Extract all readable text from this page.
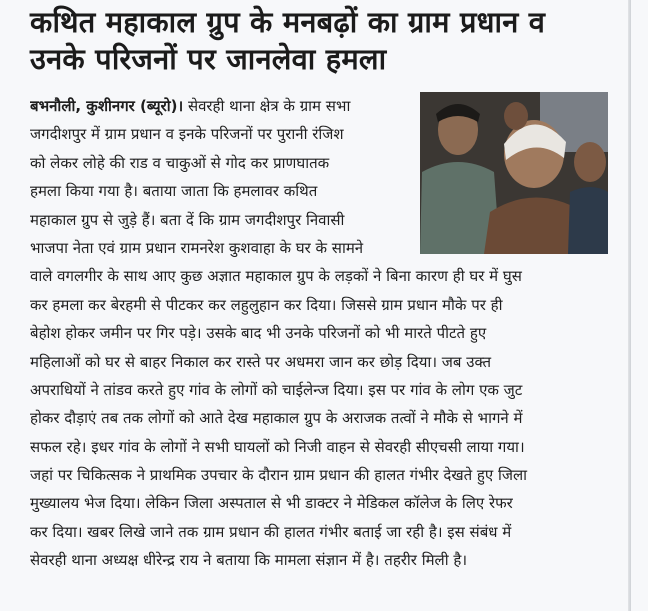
कथित महाकाल ग्रुप के मनबढ़ों का ग्राम प्रधान व
उनके परिजनों पर जानलेवा हमला
बभनौली, कुशीनगर (ब्यूरो)। सेवरही थाना क्षेत्र के ग्राम सभा
जगदीशपुर में ग्राम प्रधान व इनके परिजनों पर पुरानी रंजिश
को लेकर लोहे की राड व चाकुओं से गोद कर प्राणघातक
हमला किया गया है। बताया जाता कि हमलावर कथित
महाकाल ग्रुप से जुड़े हैं। बता दें कि ग्राम जगदीशपुर निवासी
भाजपा नेता एवं ग्राम प्रधान रामनरेश कुशवाहा के घर के सामने
वाले वगलगीर के साथ आए कुछ अज्ञात महाकाल ग्रुप के लड़कों ने बिना कारण ही घर में घुस
कर हमला कर बेरहमी से पीटकर कर लहुलुहान कर दिया। जिससे ग्राम प्रधान मौके पर ही
बेहोश होकर जमीन पर गिर पड़े। उसके बाद भी उनके परिजनों को भी मारते पीटते हुए
महिलाओं को घर से बाहर निकाल कर रास्ते पर अधमरा जान कर छोड़ दिया। जब उक्त
अपराधियों ने तांडव करते हुए गांव के लोगों को चाईलेन्ज दिया। इस पर गांव के लोग एक जुट
होकर दौड़ाएं तब तक लोगों को आते देख महाकाल ग्रुप के अराजक तत्वों ने मौके से भागने में
सफल रहे। इधर गांव के लोगों ने सभी घायलों को निजी वाहन से सेवरही सीएचसी लाया गया।
जहां पर चिकित्सक ने प्राथमिक उपचार के दौरान ग्राम प्रधान की हालत गंभीर देखते हुए जिला
मुख्यालय भेज दिया। लेकिन जिला अस्पताल से भी डाक्टर ने मेडिकल कॉलेज के लिए रेफर
कर दिया। खबर लिखे जाने तक ग्राम प्रधान की हालत गंभीर बताई जा रही है। इस संबंध में
सेवरही थाना अध्यक्ष धीरेन्द्र राय ने बताया कि मामला संज्ञान में है। तहरीर मिली है।
